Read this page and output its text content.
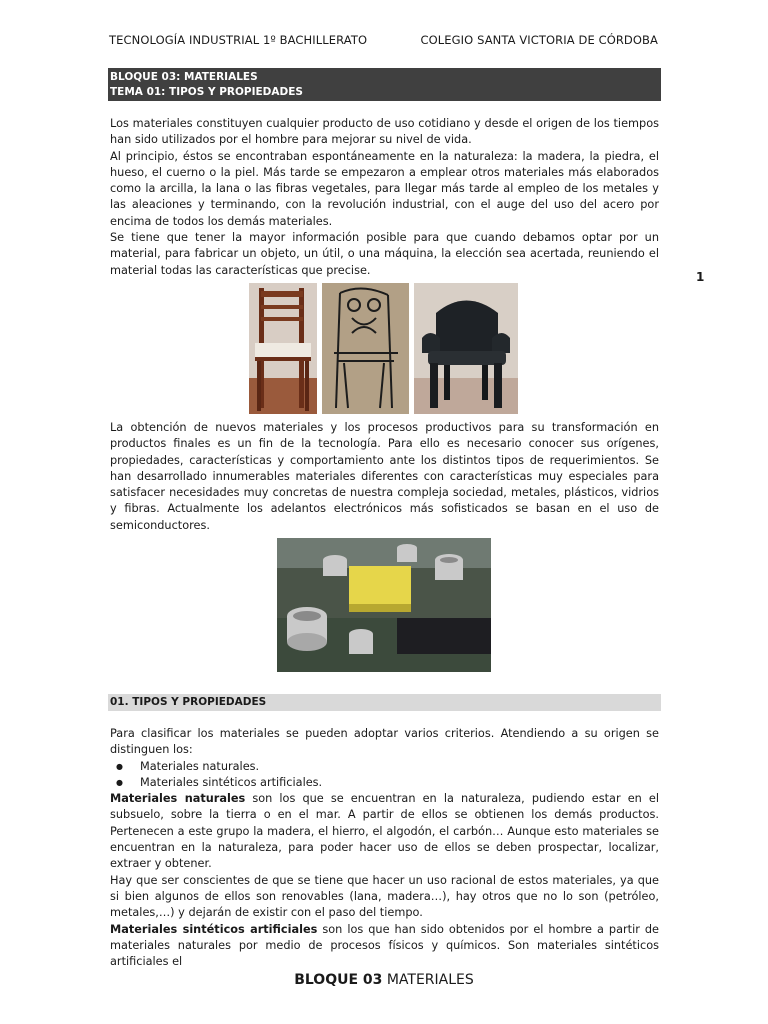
TECNOLOGÍA INDUSTRIAL 1º BACHILLERATO	COLEGIO SANTA VICTORIA DE CÓRDOBA
1
BLOQUE 03: MATERIALES
TEMA 01: TIPOS Y PROPIEDADES

Los materiales constituyen cualquier producto de uso cotidiano y desde el origen de los tiempos han sido utilizados por el hombre para mejorar su nivel de vida.

Al principio, éstos se encontraban espontáneamente en la naturaleza: la madera, la piedra, el hueso, el cuerno o la piel. Más tarde se empezaron a emplear otros materiales más elaborados como la arcilla, la lana o las fibras vegetales, para llegar más tarde al empleo de los metales y las aleaciones y terminando, con la revolución industrial, con el auge del uso del acero por encima de todos los demás materiales.

Se tiene que tener la mayor información posible para que cuando debamos optar por un material, para fabricar un objeto, un útil, o una máquina, la elección sea acertada, reuniendo el material todas las características que precise.

La obtención de nuevos materiales y los procesos productivos para su transformación en productos finales es un fin de la tecnología. Para ello es necesario conocer sus orígenes, propiedades, características y comportamiento ante los distintos tipos de requerimientos. Se han desarrollado innumerables materiales diferentes con características muy especiales para satisfacer necesidades muy concretas de nuestra compleja sociedad, metales, plásticos, vidrios y fibras. Actualmente los adelantos electrónicos más sofisticados se basan en el uso de semiconductores.
01. TIPOS Y PROPIEDADES

Para clasificar los materiales se pueden adoptar varios criterios. Atendiendo a su origen se distinguen los:

● Materiales naturales.
● Materiales sintéticos artificiales.

Materiales naturales son los que se encuentran en la naturaleza, pudiendo estar en el subsuelo, sobre la tierra o en el mar. A partir de ellos se obtienen los demás productos. Pertenecen a este grupo la madera, el hierro, el algodón, el carbón… Aunque esto materiales se encuentran en la naturaleza, para poder hacer uso de ellos se deben prospectar, localizar, extraer y obtener.

Hay que ser conscientes de que se tiene que hacer un uso racional de estos materiales, ya que si bien algunos de ellos son renovables (lana, madera…), hay otros que no lo son (petróleo, metales,…) y dejarán de existir con el paso del tiempo.

Materiales sintéticos artificiales son los que han sido obtenidos por el hombre a partir de materiales naturales por medio de procesos físicos y químicos. Son materiales sintéticos artificiales el

BLOQUE 03 MATERIALES
